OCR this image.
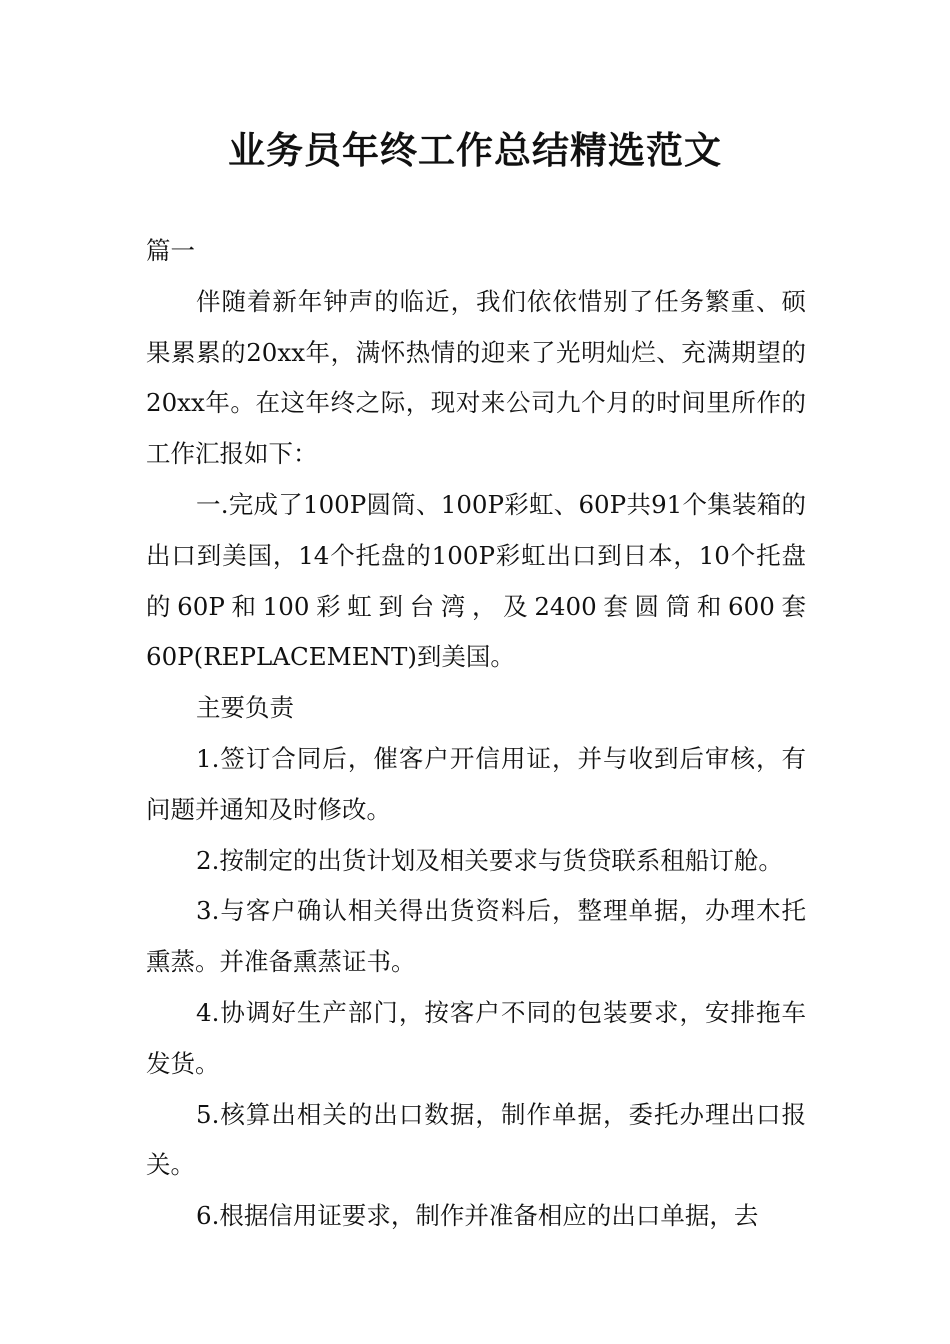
业务员年终工作总结精选范文

篇一

伴随着新年钟声的临近，我们依依惜别了任务繁重、硕果累累的20xx年，满怀热情的迎来了光明灿烂、充满期望的20xx年。在这年终之际，现对来公司九个月的时间里所作的工作汇报如下：

一.完成了100P圆筒、100P彩虹、60P共91个集装箱的出口到美国，14个托盘的100P彩虹出口到日本，10个托盘的60P和100彩虹到台湾，及2400套圆筒和600套60P(REPLACEMENT)到美国。

主要负责

1.签订合同后，催客户开信用证，并与收到后审核，有问题并通知及时修改。

2.按制定的出货计划及相关要求与货贷联系租船订舱。

3.与客户确认相关得出货资料后，整理单据，办理木托熏蒸。并准备熏蒸证书。

4.协调好生产部门，按客户不同的包装要求，安排拖车发货。

5.核算出相关的出口数据，制作单据，委托办理出口报关。

6.根据信用证要求，制作并准备相应的出口单据，去
